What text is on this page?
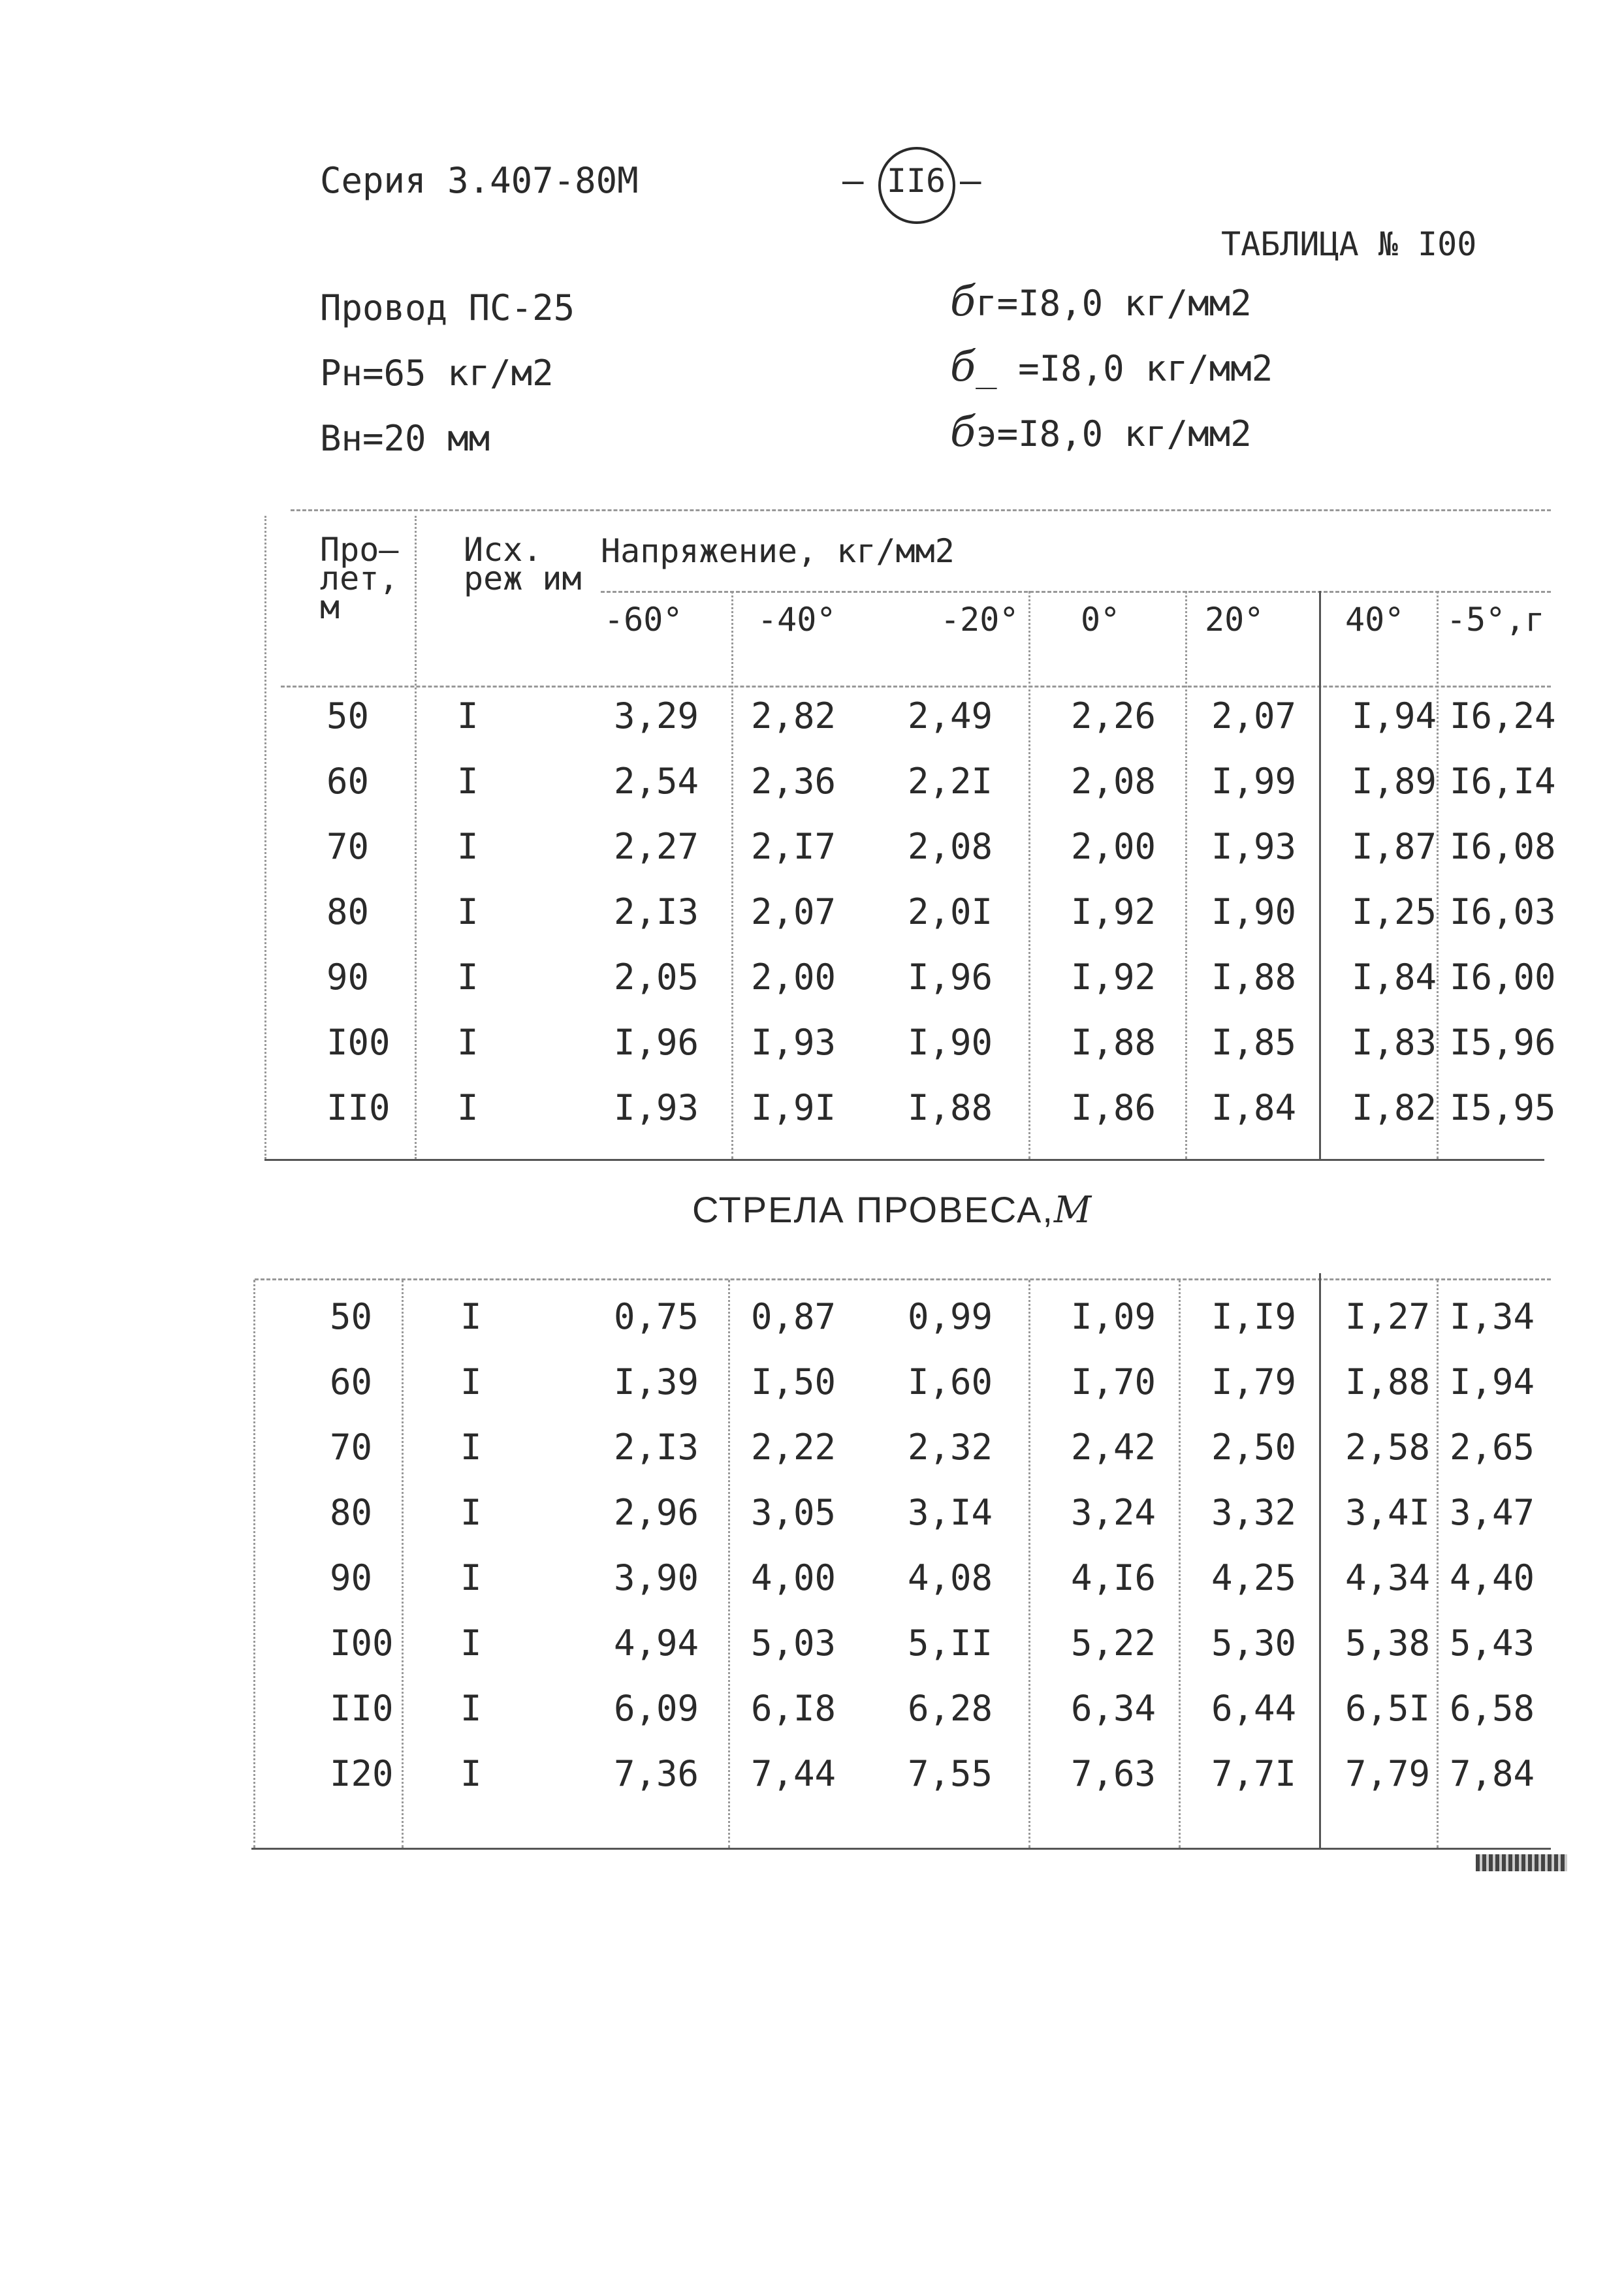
Серия 3.407-80М	– II6 –
ТАБЛИЦА № I00
Провод ПС-25
Рн=65 кг/м2
Вн=20 мм
бг=I8,0 кг/мм2
б_ =I8,0 кг/мм2
бэ=I8,0 кг/мм2
Про–
лет,
м
Исх.
реж им
Напряжение, кг/мм2
-60° -40°	-20° 0°	20° 40° -5°,г
50 I	3,29 2,82 2,49 2,26 2,07 I,94 I6,24
60 I	2,54 2,36 2,2I 2,08 I,99 I,89 I6,I4
70 I	2,27 2,I7 2,08 2,00 I,93 I,87 I6,08
80 I	2,I3 2,07 2,0I I,92 I,90 I,25 I6,03
90 I	2,05 2,00 I,96 I,92 I,88 I,84 I6,00
I00 I	I,96 I,93 I,90 I,88 I,85 I,83 I5,96
II0 I	I,93 I,9I I,88 I,86 I,84 I,82 I5,95
СТРЕЛА ПРОВЕСА,М
50 I	0,75 0,87 0,99 I,09 I,I9 I,27 I,34
60 I	I,39 I,50 I,60 I,70 I,79 I,88 I,94
70 I	2,I3 2,22 2,32 2,42 2,50 2,58 2,65
80 I	2,96 3,05 3,I4 3,24 3,32 3,4I 3,47
90 I	3,90 4,00 4,08 4,I6 4,25 4,34 4,40
I00 I	4,94 5,03 5,II 5,22 5,30 5,38 5,43
II0 I	6,09 6,I8 6,28 6,34 6,44 6,5I 6,58
I20 I	7,36 7,44 7,55 7,63 7,7I 7,79 7,84
